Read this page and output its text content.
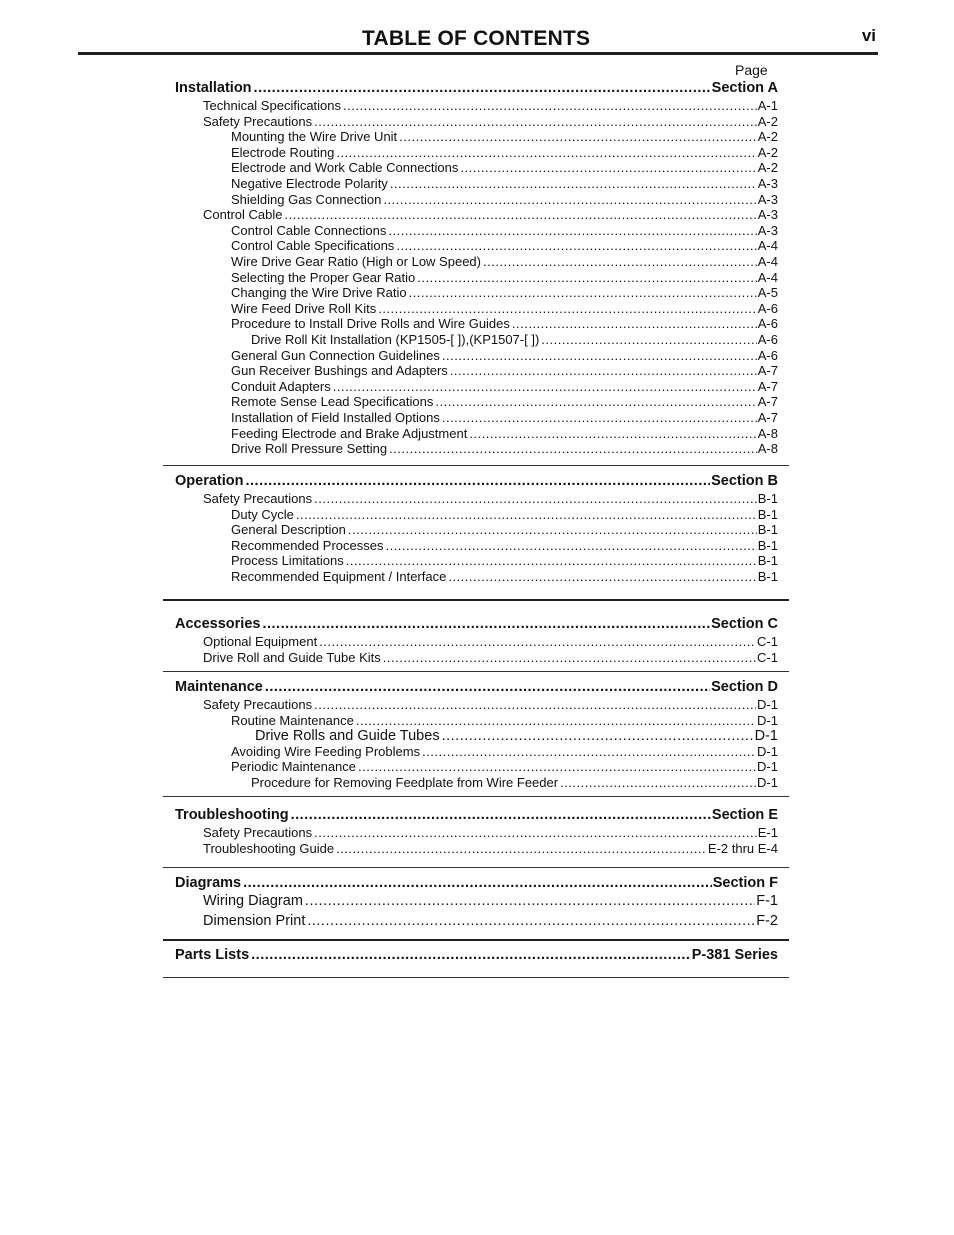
TABLE OF CONTENTS	vi
Page
Installation .....	Section A
Technical Specifications .....	A-1
Safety Precautions .....	A-2
Mounting the Wire Drive Unit .....	A-2
Electrode Routing .....	A-2
Electrode and Work Cable Connections .....	A-2
Negative Electrode Polarity .....	A-3
Shielding Gas Connection .....	A-3
Control Cable .....	A-3
Control Cable Connections .....	A-3
Control Cable Specifications .....	A-4
Wire Drive Gear Ratio (High or Low Speed) .....	A-4
Selecting the Proper Gear Ratio .....	A-4
Changing the Wire Drive Ratio .....	A-5
Wire Feed Drive Roll Kits .....	A-6
Procedure to Install Drive Rolls and Wire Guides .....	A-6
Drive Roll Kit Installation (KP1505-[ ]),(KP1507-[ ]) .....	A-6
General Gun Connection Guidelines .....	A-6
Gun Receiver Bushings and Adapters .....	A-7
Conduit Adapters .....	A-7
Remote Sense Lead Specifications .....	A-7
Installation of Field Installed Options .....	A-7
Feeding Electrode and Brake Adjustment .....	A-8
Drive Roll Pressure Setting .....	A-8
Operation .....	Section B
Safety Precautions .....	B-1
Duty Cycle .....	B-1
General Description .....	B-1
Recommended Processes .....	B-1
Process Limitations .....	B-1
Recommended Equipment / Interface .....	B-1
Accessories .....	Section C
Optional Equipment .....	C-1
Drive Roll and Guide Tube Kits .....	C-1
Maintenance .....	Section D
Safety Precautions .....	D-1
Routine Maintenance .....	D-1
Drive Rolls and Guide Tubes .....	D-1
Avoiding Wire Feeding Problems .....	D-1
Periodic Maintenance .....	D-1
Procedure for Removing Feedplate from Wire Feeder .....	D-1
Troubleshooting .....	Section E
Safety Precautions .....	E-1
Troubleshooting Guide .....	E-2 thru E-4
Diagrams .....	Section F
Wiring Diagram .....	F-1
Dimension Print .....	F-2
Parts Lists .....	P-381 Series
